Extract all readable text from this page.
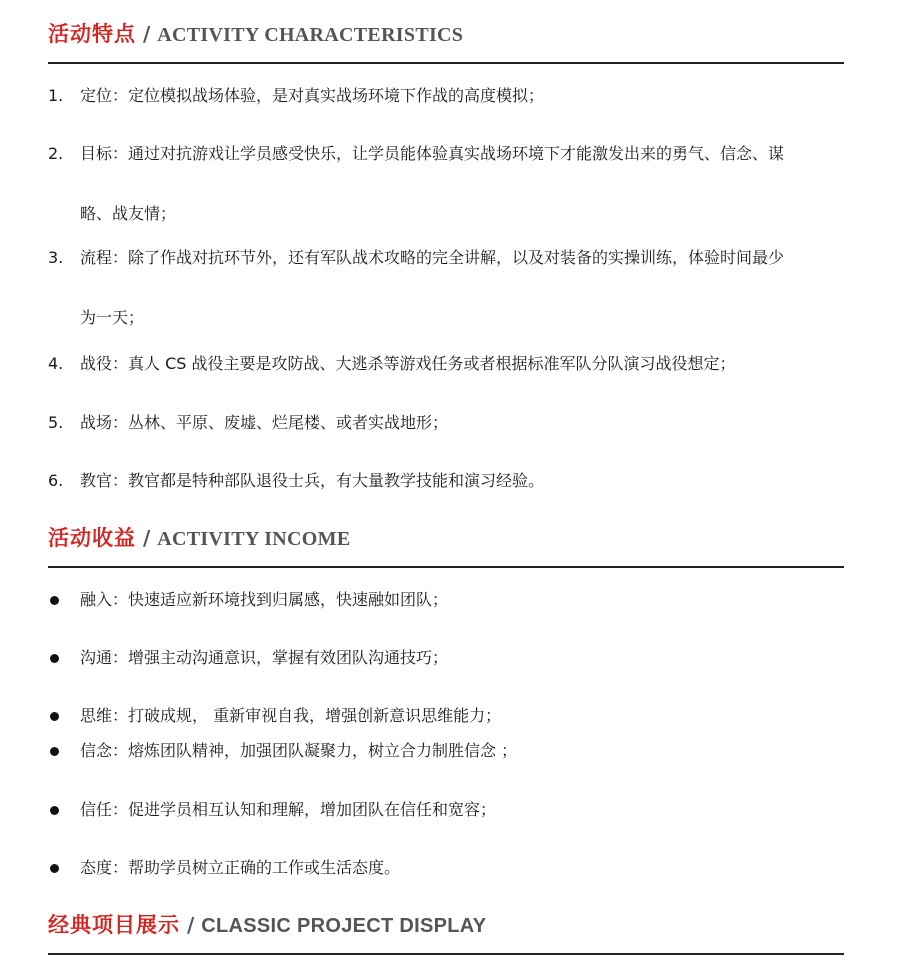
活动特点 / ACTIVITY CHARACTERISTICS
1.	定位：定位模拟战场体验，是对真实战场环境下作战的高度模拟；
2.	目标：通过对抗游戏让学员感受快乐，让学员能体验真实战场环境下才能激发出来的勇气、信念、谋
略、战友情；
3.	流程：除了作战对抗环节外，还有军队战术攻略的完全讲解，以及对装备的实操训练，体验时间最少
为一天；
4.	战役：真人 CS 战役主要是攻防战、大逃杀等游戏任务或者根据标准军队分队演习战役想定；
5.	战场：丛林、平原、废墟、烂尾楼、或者实战地形；
6.	教官：教官都是特种部队退役士兵，有大量教学技能和演习经验。
活动收益 / ACTIVITY INCOME
融入：快速适应新环境找到归属感，快速融如团队；
沟通：增强主动沟通意识，掌握有效团队沟通技巧；
思维：打破成规， 重新审视自我，增强创新意识思维能力；
信念：熔炼团队精神，加强团队凝聚力，树立合力制胜信念 ；
信任：促进学员相互认知和理解，增加团队在信任和宽容；
态度：帮助学员树立正确的工作或生活态度。
经典项目展示 / CLASSIC PROJECT DISPLAY
